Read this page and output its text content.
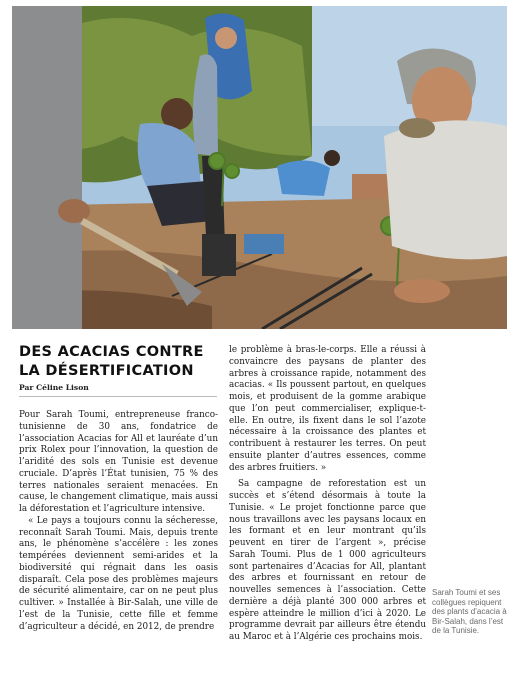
DES ACACIAS CONTRE LA DÉSERTIFICATION
Par Céline Lison

Pour Sarah Toumi, entrepreneuse franco-tunisienne de 30 ans, fondatrice de l’association Acacias for All et lauréate d’un prix Rolex pour l’innovation, la question de l’aridité des sols en Tunisie est devenue cruciale. D’après l’État tunisien, 75 % des terres nationales seraient menacées. En cause, le changement climatique, mais aussi la déforestation et l’agriculture intensive.

« Le pays a toujours connu la sécheresse, reconnaît Sarah Toumi. Mais, depuis trente ans, le phénomène s’accélère : les zones tempérées deviennent semi-arides et la biodiversité qui régnait dans les oasis disparaît. Cela pose des problèmes majeurs de sécurité alimentaire, car on ne peut plus cultiver. » Installée à Bir-Salah, une ville de l’est de la Tunisie, cette fille et femme d’agriculteur a décidé, en 2012, de prendre

le problème à bras-le-corps. Elle a réussi à convaincre des paysans de planter des arbres à croissance rapide, notamment des acacias. « Ils poussent partout, en quelques mois, et produisent de la gomme arabique que l’on peut commercialiser, explique-t-elle. En outre, ils fixent dans le sol l’azote nécessaire à la croissance des plantes et contribuent à restaurer les terres. On peut ensuite planter d’autres essences, comme des arbres fruitiers. »

Sa campagne de reforestation est un succès et s’étend désormais à toute la Tunisie. « Le projet fonctionne parce que nous travaillons avec les paysans locaux en les formant et en leur montrant qu’ils peuvent en tirer de l’argent », précise Sarah Toumi. Plus de 1 000 agriculteurs sont partenaires d’Acacias for All, plantant des arbres et fournissant en retour de nouvelles semences à l’association. Cette dernière a déjà planté 300 000 arbres et espère atteindre le million d’ici à 2020. Le programme devrait par ailleurs être étendu au Maroc et à l’Algérie ces prochains mois.

Sarah Toumi et ses collègues repiquent des plants d’acacia à Bir-Salah, dans l’est de la Tunisie.
